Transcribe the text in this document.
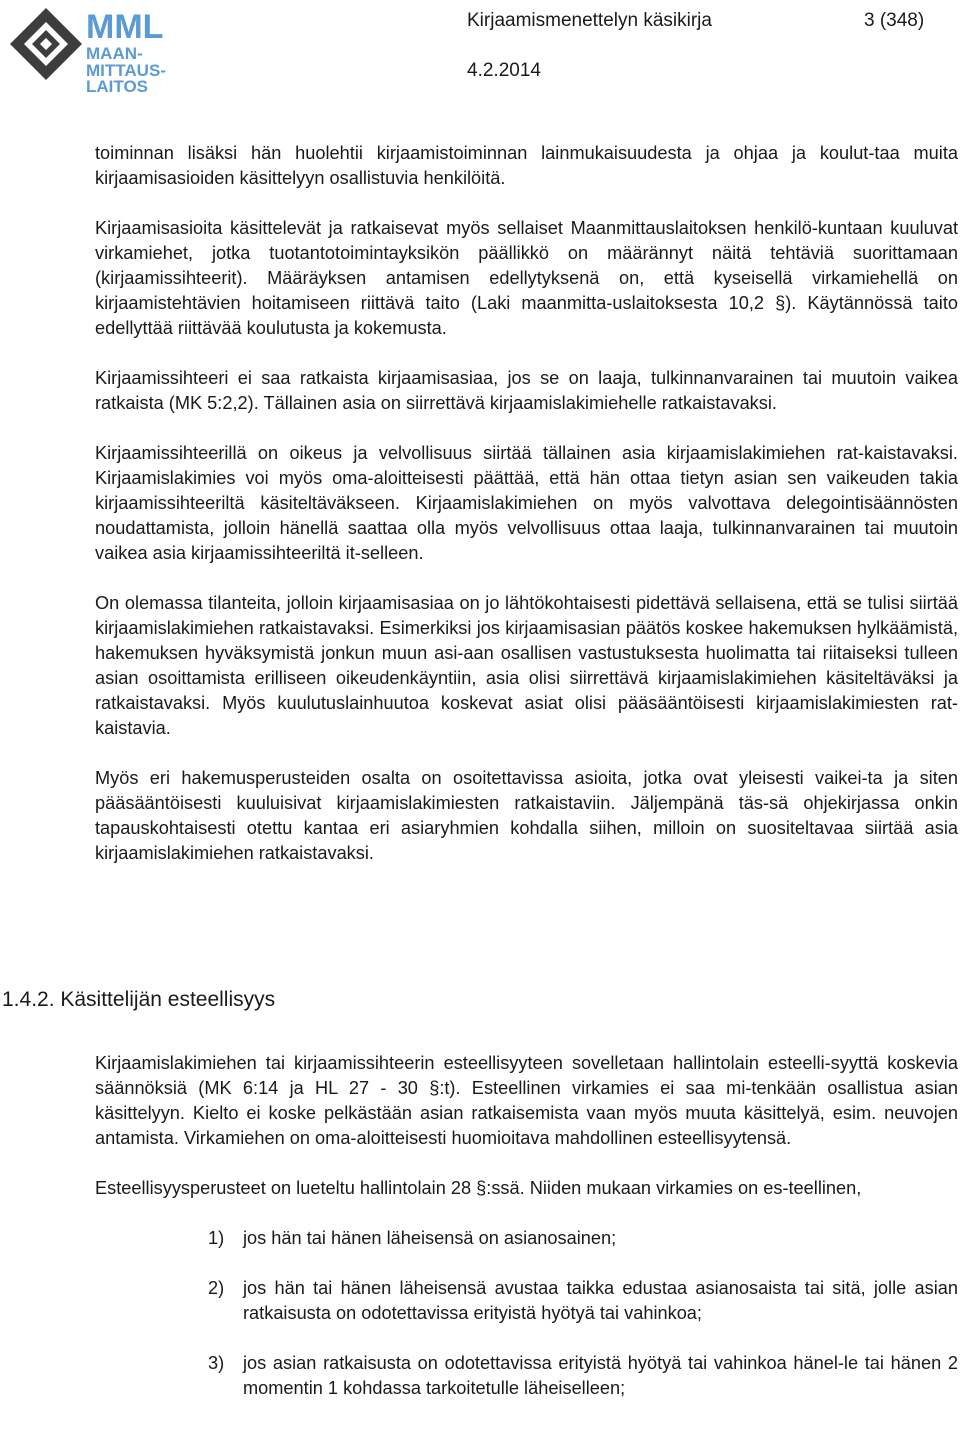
MML
MAAN-
MITTAUS-
LAITOS
Kirjaamismenettelyn käsikirja	3 (348)
4.2.2014

toiminnan lisäksi hän huolehtii kirjaamistoiminnan lainmukaisuudesta ja ohjaa ja koulut-taa muita kirjaamisasioiden käsittelyyn osallistuvia henkilöitä.

Kirjaamisasioita käsittelevät ja ratkaisevat myös sellaiset Maanmittauslaitoksen henkilö-kuntaan kuuluvat virkamiehet, jotka tuotantotoimintayksikön päällikkö on määrännyt näitä tehtäviä suorittamaan (kirjaamissihteerit). Määräyksen antamisen edellytyksenä on, että kyseisellä virkamiehellä on kirjaamistehtävien hoitamiseen riittävä taito (Laki maanmitta-uslaitoksesta 10,2 §). Käytännössä taito edellyttää riittävää koulutusta ja kokemusta.

Kirjaamissihteeri ei saa ratkaista kirjaamisasiaa, jos se on laaja, tulkinnanvarainen tai muutoin vaikea ratkaista (MK 5:2,2). Tällainen asia on siirrettävä kirjaamislakimiehelle ratkaistavaksi.

Kirjaamissihteerillä on oikeus ja velvollisuus siirtää tällainen asia kirjaamislakimiehen rat-kaistavaksi. Kirjaamislakimies voi myös oma-aloitteisesti päättää, että hän ottaa tietyn asian sen vaikeuden takia kirjaamissihteeriltä käsiteltäväkseen. Kirjaamislakimiehen on myös valvottava delegointisäännösten noudattamista, jolloin hänellä saattaa olla myös velvollisuus ottaa laaja, tulkinnanvarainen tai muutoin vaikea asia kirjaamissihteeriltä it-selleen.

On olemassa tilanteita, jolloin kirjaamisasiaa on jo lähtökohtaisesti pidettävä sellaisena, että se tulisi siirtää kirjaamislakimiehen ratkaistavaksi. Esimerkiksi jos kirjaamisasian päätös koskee hakemuksen hylkäämistä, hakemuksen hyväksymistä jonkun muun asi-aan osallisen vastustuksesta huolimatta tai riitaiseksi tulleen asian osoittamista erilliseen oikeudenkäyntiin, asia olisi siirrettävä kirjaamislakimiehen käsiteltäväksi ja ratkaistavaksi. Myös kuulutuslainhuutoa koskevat asiat olisi pääsääntöisesti kirjaamislakimiesten rat-kaistavia.

Myös eri hakemusperusteiden osalta on osoitettavissa asioita, jotka ovat yleisesti vaikei-ta ja siten pääsääntöisesti kuuluisivat kirjaamislakimiesten ratkaistaviin. Jäljempänä täs-sä ohjekirjassa onkin tapauskohtaisesti otettu kantaa eri asiaryhmien kohdalla siihen, milloin on suositeltavaa siirtää asia kirjaamislakimiehen ratkaistavaksi.

1.4.2. Käsittelijän esteellisyys

Kirjaamislakimiehen tai kirjaamissihteerin esteellisyyteen sovelletaan hallintolain esteelli-syyttä koskevia säännöksiä (MK 6:14 ja HL 27 - 30 §:t). Esteellinen virkamies ei saa mi-tenkään osallistua asian käsittelyyn. Kielto ei koske pelkästään asian ratkaisemista vaan myös muuta käsittelyä, esim. neuvojen antamista. Virkamiehen on oma-aloitteisesti huomioitava mahdollinen esteellisyytensä.

Esteellisyysperusteet on lueteltu hallintolain 28 §:ssä. Niiden mukaan virkamies on es-teellinen,

1) jos hän tai hänen läheisensä on asianosainen;
2) jos hän tai hänen läheisensä avustaa taikka edustaa asianosaista tai sitä, jolle asian ratkaisusta on odotettavissa erityistä hyötyä tai vahinkoa;
3) jos asian ratkaisusta on odotettavissa erityistä hyötyä tai vahinkoa hänel-le tai hänen 2 momentin 1 kohdassa tarkoitetulle läheiselleen;
